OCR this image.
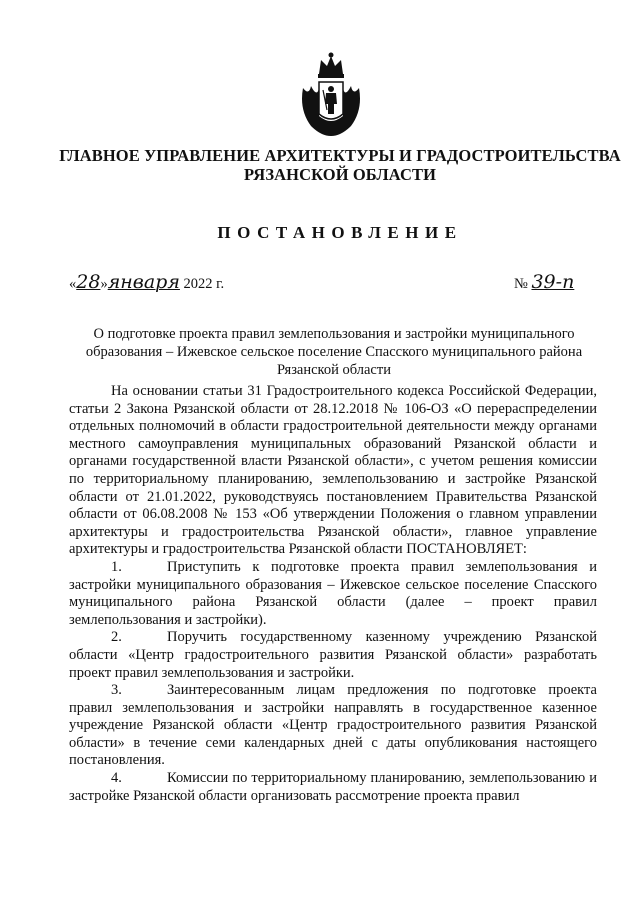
ГЛАВНОЕ УПРАВЛЕНИЕ АРХИТЕКТУРЫ И ГРАДОСТРОИТЕЛЬСТВА
РЯЗАНСКОЙ ОБЛАСТИ
ПОСТАНОВЛЕНИЕ
«28»января 2022 г.	№ 39-п
О подготовке проекта правил землепользования и застройки муниципального
образования – Ижевское сельское поселение Спасского муниципального района
Рязанской области

На основании статьи 31 Градостроительного кодекса Российской Федерации, статьи 2 Закона Рязанской области от 28.12.2018 № 106-ОЗ «О перераспределении отдельных полномочий в области градостроительной деятельности между органами местного самоуправления муниципальных образований Рязанской области и органами государственной власти Рязанской области», с учетом решения комиссии по территориальному планированию, землепользованию и застройке Рязанской области от 21.01.2022, руководствуясь постановлением Правительства Рязанской области от 06.08.2008 № 153 «Об утверждении Положения о главном управлении архитектуры и градостроительства Рязанской области», главное управление архитектуры и градостроительства Рязанской области ПОСТАНОВЛЯЕТ:

1.	Приступить к подготовке проекта правил землепользования и застройки муниципального образования – Ижевское сельское поселение Спасского муниципального района Рязанской области (далее – проект правил землепользования и застройки).

2.	Поручить государственному казенному учреждению Рязанской области «Центр градостроительного развития Рязанской области» разработать проект правил землепользования и застройки.

3.	Заинтересованным лицам предложения по подготовке проекта правил землепользования и застройки направлять в государственное казенное учреждение Рязанской области «Центр градостроительного развития Рязанской области» в течение семи календарных дней с даты опубликования настоящего постановления.

4.	Комиссии по территориальному планированию, землепользованию и застройке Рязанской области организовать рассмотрение проекта правил
